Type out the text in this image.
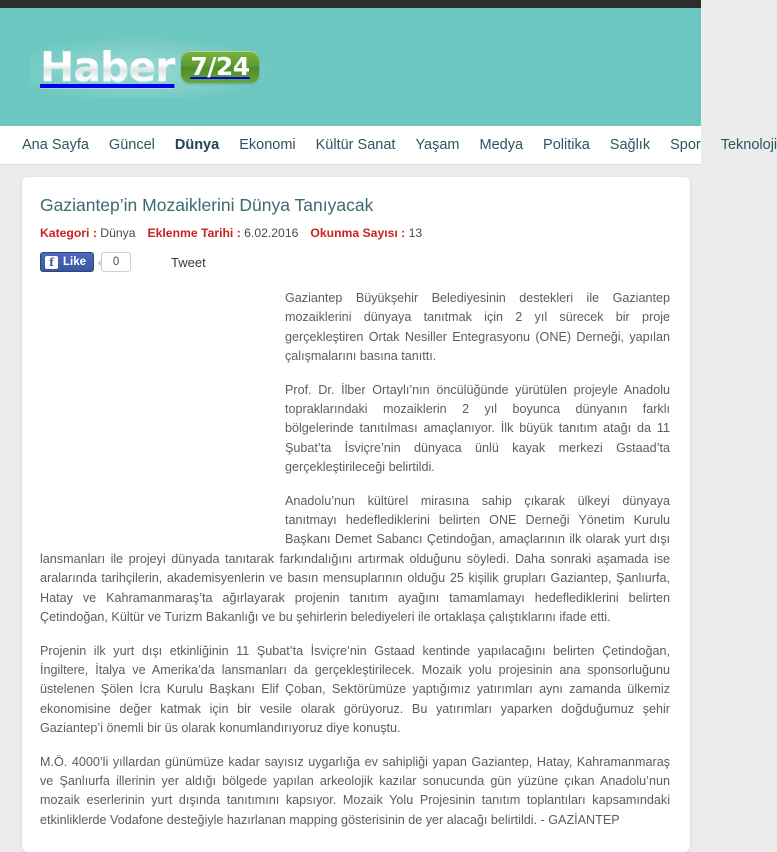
Haber 7/24
Ana Sayfa Güncel Dünya Ekonomi Kültür Sanat Yaşam Medya Politika Sağlık Spor Teknoloji
Gaziantep’in Mozaiklerini Dünya Tanıyacak
Kategori : Dünya Eklenme Tarihi : 6.02.2016 Okunma Sayısı : 13
f Like	0	Tweet

Gaziantep Büyükşehir Belediyesinin destekleri ile Gaziantep mozaiklerini dünyaya tanıtmak için 2 yıl sürecek bir proje gerçekleştiren Ortak Nesiller Entegrasyonu (ONE) Derneği, yapılan çalışmalarını basına tanıttı.

Prof. Dr. İlber Ortaylı’nın öncülüğünde yürütülen projeyle Anadolu topraklarındaki mozaiklerin 2 yıl boyunca dünyanın farklı bölgelerinde tanıtılması amaçlanıyor. İlk büyük tanıtım atağı da 11 Şubat’ta İsviçre’nin dünyaca ünlü kayak merkezi Gstaad’ta gerçekleştirileceği belirtildi.

Anadolu’nun kültürel mirasına sahip çıkarak ülkeyi dünyaya tanıtmayı hedeflediklerini belirten ONE Derneği Yönetim Kurulu Başkanı Demet Sabancı Çetindoğan, amaçlarının ilk olarak yurt dışı lansmanları ile projeyi dünyada tanıtarak farkındalığını artırmak olduğunu söyledi. Daha sonraki aşamada ise aralarında tarihçilerin, akademisyenlerin ve basın mensuplarının olduğu 25 kişilik grupları Gaziantep, Şanlıurfa, Hatay ve Kahramanmaraş’ta ağırlayarak projenin tanıtım ayağını tamamlamayı hedeflediklerini belirten Çetindoğan, Kültür ve Turizm Bakanlığı ve bu şehirlerin belediyeleri ile ortaklaşa çalıştıklarını ifade etti.

Projenin ilk yurt dışı etkinliğinin 11 Şubat’ta İsviçre’nin Gstaad kentinde yapılacağını belirten Çetindoğan, İngiltere, İtalya ve Amerika’da lansmanları da gerçekleştirilecek. Mozaik yolu projesinin ana sponsorluğunu üstelenen Şölen İcra Kurulu Başkanı Elif Çoban, Sektörümüze yaptığımız yatırımları aynı zamanda ülkemiz ekonomisine değer katmak için bir vesile olarak görüyoruz. Bu yatırımları yaparken doğduğumuz şehir Gaziantep’i önemli bir üs olarak konumlandırıyoruz diye konuştu.

M.Ö. 4000’li yıllardan günümüze kadar sayısız uygarlığa ev sahipliği yapan Gaziantep, Hatay, Kahramanmaraş ve Şanlıurfa illerinin yer aldığı bölgede yapılan arkeolojik kazılar sonucunda gün yüzüne çıkan Anadolu’nun mozaik eserlerinin yurt dışında tanıtımını kapsıyor. Mozaik Yolu Projesinin tanıtım toplantıları kapsamındaki etkinliklerde Vodafone desteğiyle hazırlanan mapping gösterisinin de yer alacağı belirtildi. - GAZİANTEP
